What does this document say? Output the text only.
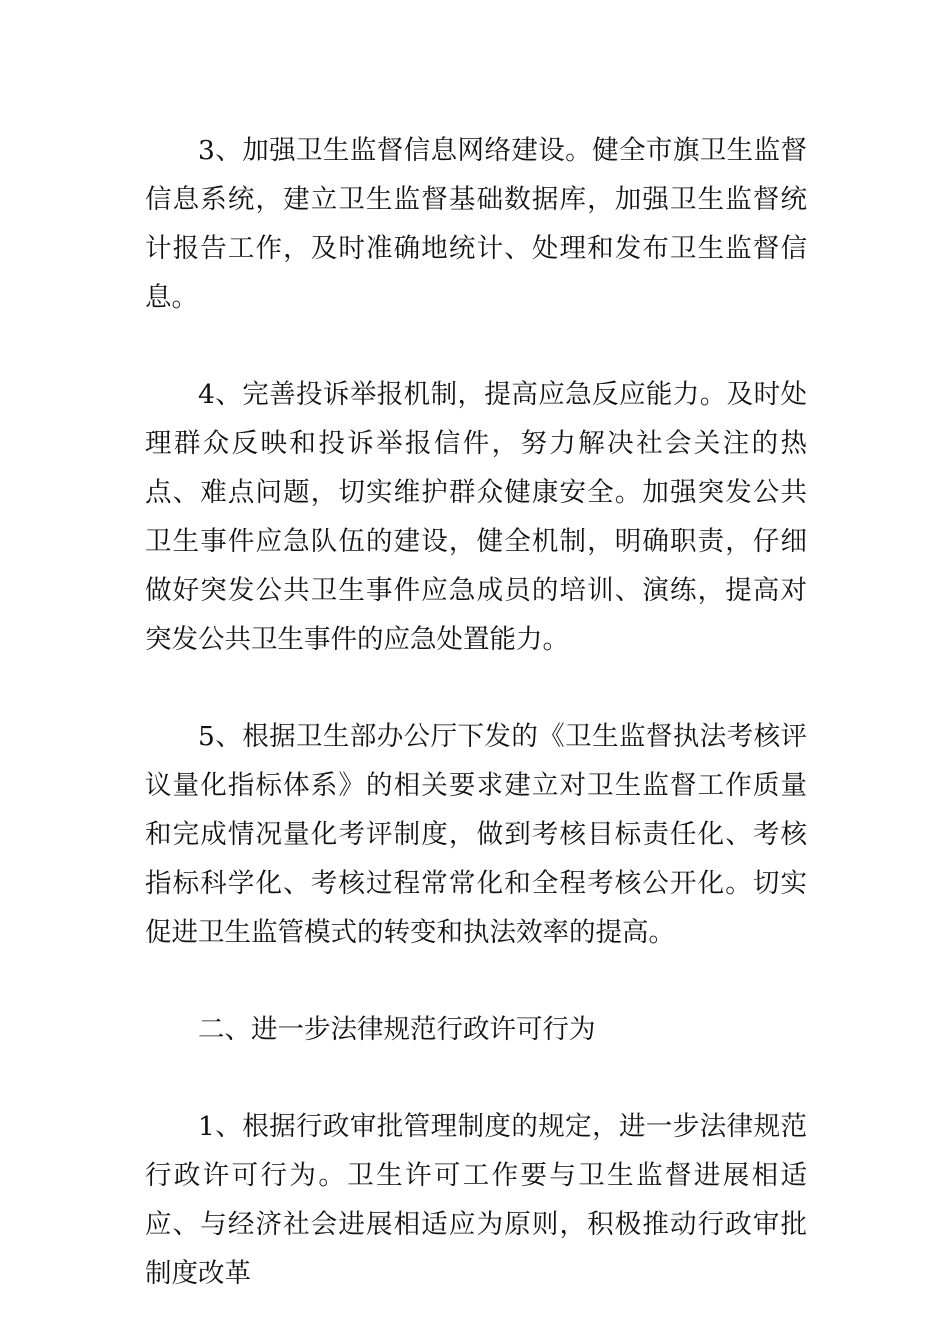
3、加强卫生监督信息网络建设。健全市旗卫生监督信息系统，建立卫生监督基础数据库，加强卫生监督统计报告工作，及时准确地统计、处理和发布卫生监督信息。

4、完善投诉举报机制，提高应急反应能力。及时处理群众反映和投诉举报信件，努力解决社会关注的热点、难点问题，切实维护群众健康安全。加强突发公共卫生事件应急队伍的建设，健全机制，明确职责，仔细做好突发公共卫生事件应急成员的培训、演练，提高对突发公共卫生事件的应急处置能力。

5、根据卫生部办公厅下发的《卫生监督执法考核评议量化指标体系》的相关要求建立对卫生监督工作质量和完成情况量化考评制度，做到考核目标责任化、考核指标科学化、考核过程常常化和全程考核公开化。切实促进卫生监管模式的转变和执法效率的提高。

二、进一步法律规范行政许可行为

1、根据行政审批管理制度的规定，进一步法律规范行政许可行为。卫生许可工作要与卫生监督进展相适应、与经济社会进展相适应为原则，积极推动行政审批制度改革
